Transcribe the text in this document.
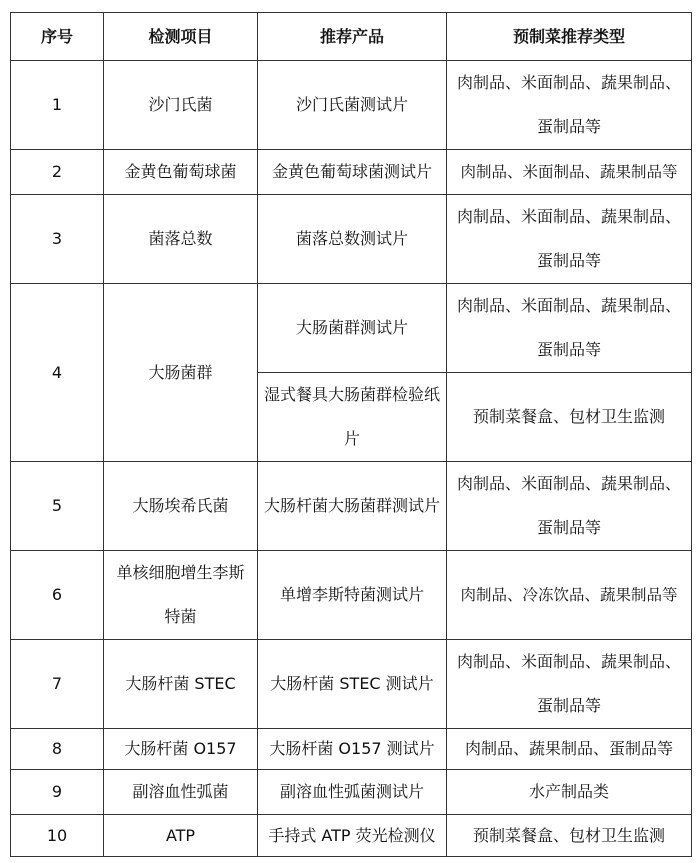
序号	检测项目	推荐产品	预制菜推荐类型
1	沙门氏菌	沙门氏菌测试片	肉制品、米面制品、蔬果制品、蛋制品等
2	金黄色葡萄球菌	金黄色葡萄球菌测试片	肉制品、米面制品、蔬果制品等
3	菌落总数	菌落总数测试片	肉制品、米面制品、蔬果制品、蛋制品等
4	大肠菌群	大肠菌群测试片	肉制品、米面制品、蔬果制品、蛋制品等
		湿式餐具大肠菌群检验纸片	预制菜餐盒、包材卫生监测
5	大肠埃希氏菌	大肠杆菌大肠菌群测试片	肉制品、米面制品、蔬果制品、蛋制品等
6	单核细胞增生李斯特菌	单增李斯特菌测试片	肉制品、冷冻饮品、蔬果制品等
7	大肠杆菌 STEC	大肠杆菌 STEC 测试片	肉制品、米面制品、蔬果制品、蛋制品等
8	大肠杆菌 O157	大肠杆菌 O157 测试片	肉制品、蔬果制品、蛋制品等
9	副溶血性弧菌	副溶血性弧菌测试片	水产制品类
10	ATP	手持式 ATP 荧光检测仪	预制菜餐盒、包材卫生监测
